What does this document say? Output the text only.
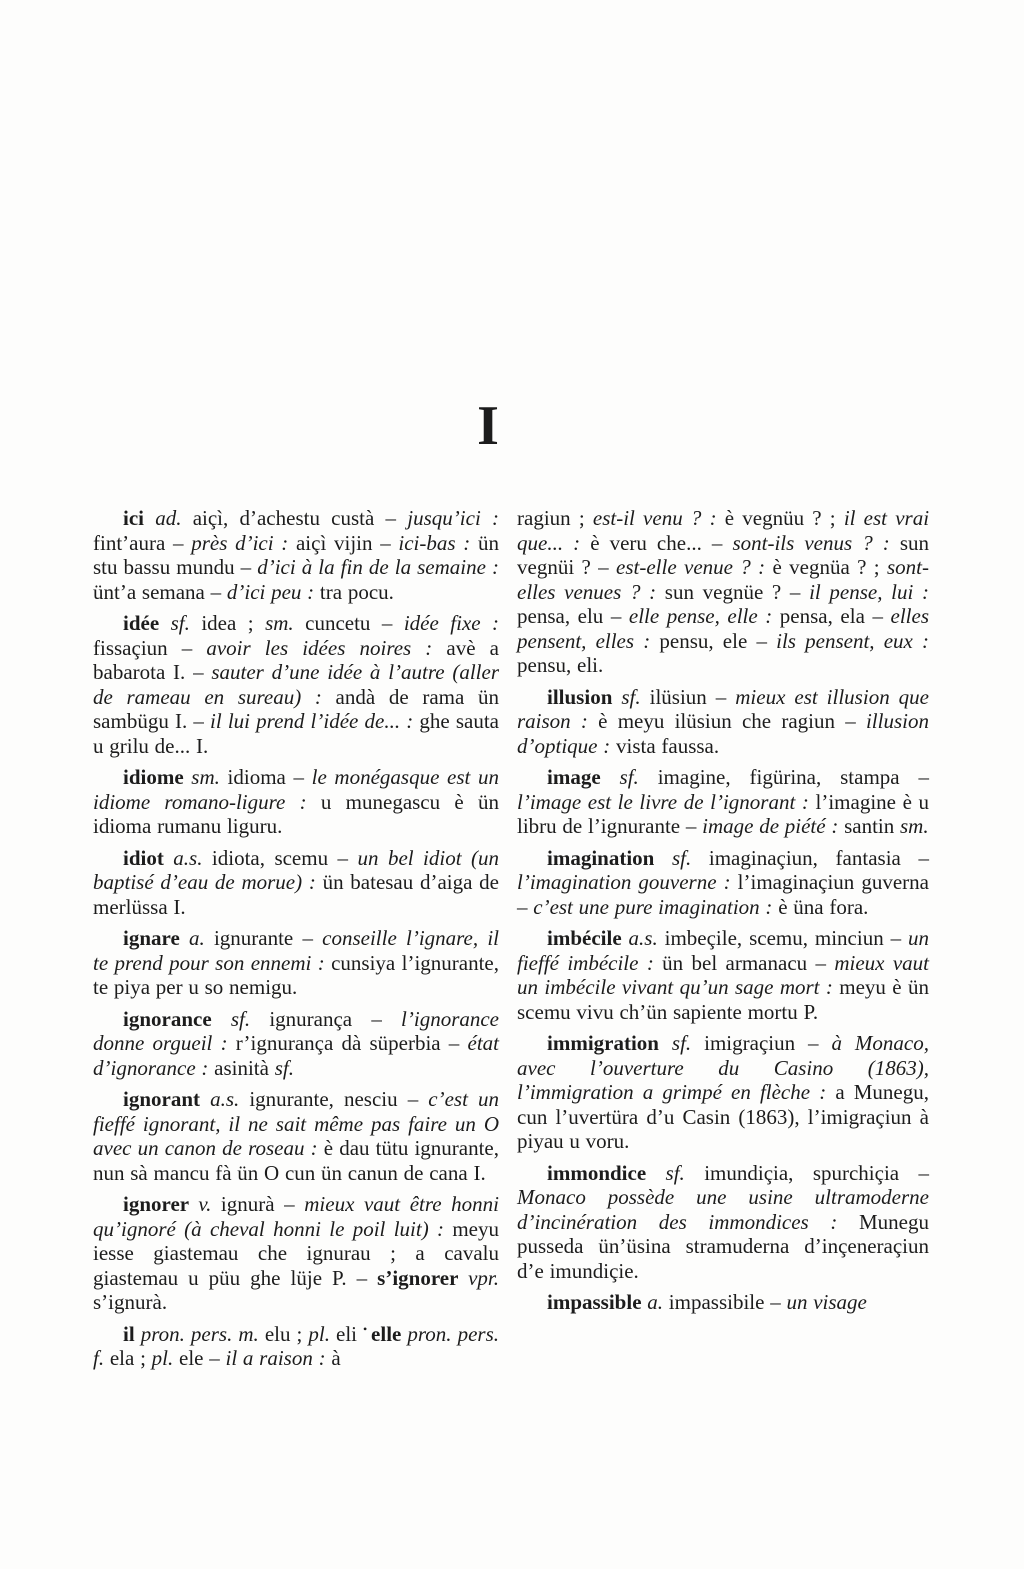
I

ici ad. aiçì, d’achestu custà – jusqu’ici : fint’aura – près d’ici : aiçì vijin – ici-bas : ün stu bassu mundu – d’ici à la fin de la semaine : ünt’a semana – d’ici peu : tra pocu.

idée sf. idea ; sm. cuncetu – idée fixe : fissaçiun – avoir les idées noires : avè a babarota I. – sauter d’une idée à l’autre (aller de rameau en sureau) : andà de rama ün sambügu I. – il lui prend l’idée de... : ghe sauta u grilu de... I.

idiome sm. idioma – le monégasque est un idiome romano-ligure : u munegascu è ün idioma rumanu liguru.

idiot a.s. idiota, scemu – un bel idiot (un baptisé d’eau de morue) : ün batesau d’aiga de merlüssa I.

ignare a. ignurante – conseille l’ignare, il te prend pour son ennemi : cunsiya l’ignurante, te piya per u so nemigu.

ignorance sf. ignurança – l’ignorance donne orgueil : r’ignurança dà süperbia – état d’ignorance : asinità sf.

ignorant a.s. ignurante, nesciu – c’est un fieffé ignorant, il ne sait même pas faire un O avec un canon de roseau : è dau tütu ignurante, nun sà mancu fà ün O cun ün canun de cana I.

ignorer v. ignurà – mieux vaut être honni qu’ignoré (à cheval honni le poil luit) : meyu iesse giastemau che ignurau ; a cavalu giastemau u püu ghe lüje P. – s’ignorer vpr. s’ignurà.

il pron. pers. m. elu ; pl. eli • elle pron. pers. f. ela ; pl. ele – il a raison : à

ragiun ; est-il venu ? : è vegnüu ? ; il est vrai que... : è veru che... – sont-ils venus ? : sun vegnüi ? – est-elle venue ? : è vegnüa ? ; sont-elles venues ? : sun vegnüe ? – il pense, lui : pensa, elu – elle pense, elle : pensa, ela – elles pensent, elles : pensu, ele – ils pensent, eux : pensu, eli.

illusion sf. ilüsiun – mieux est illusion que raison : è meyu ilüsiun che ragiun – illusion d’optique : vista faussa.

image sf. imagine, figürina, stampa – l’image est le livre de l’ignorant : l’imagine è u libru de l’ignurante – image de piété : santin sm.

imagination sf. imaginaçiun, fantasia – l’imagination gouverne : l’imaginaçiun guverna – c’est une pure imagination : è üna fora.

imbécile a.s. imbeçile, scemu, minciun – un fieffé imbécile : ün bel armanacu – mieux vaut un imbécile vivant qu’un sage mort : meyu è ün scemu vivu ch’ün sapiente mortu P.

immigration sf. imigraçiun – à Monaco, avec l’ouverture du Casino (1863), l’immigration a grimpé en flèche : a Munegu, cun l’uvertüra d’u Casin (1863), l’imigraçiun à piyau u voru.

immondice sf. imundiçia, spurchiçia – Monaco possède une usine ultramoderne d’incinération des immondices : Munegu pusseda ün’üsina stramuderna d’inçeneraçiun d’e imundiçie.

impassible a. impassibile – un visage
